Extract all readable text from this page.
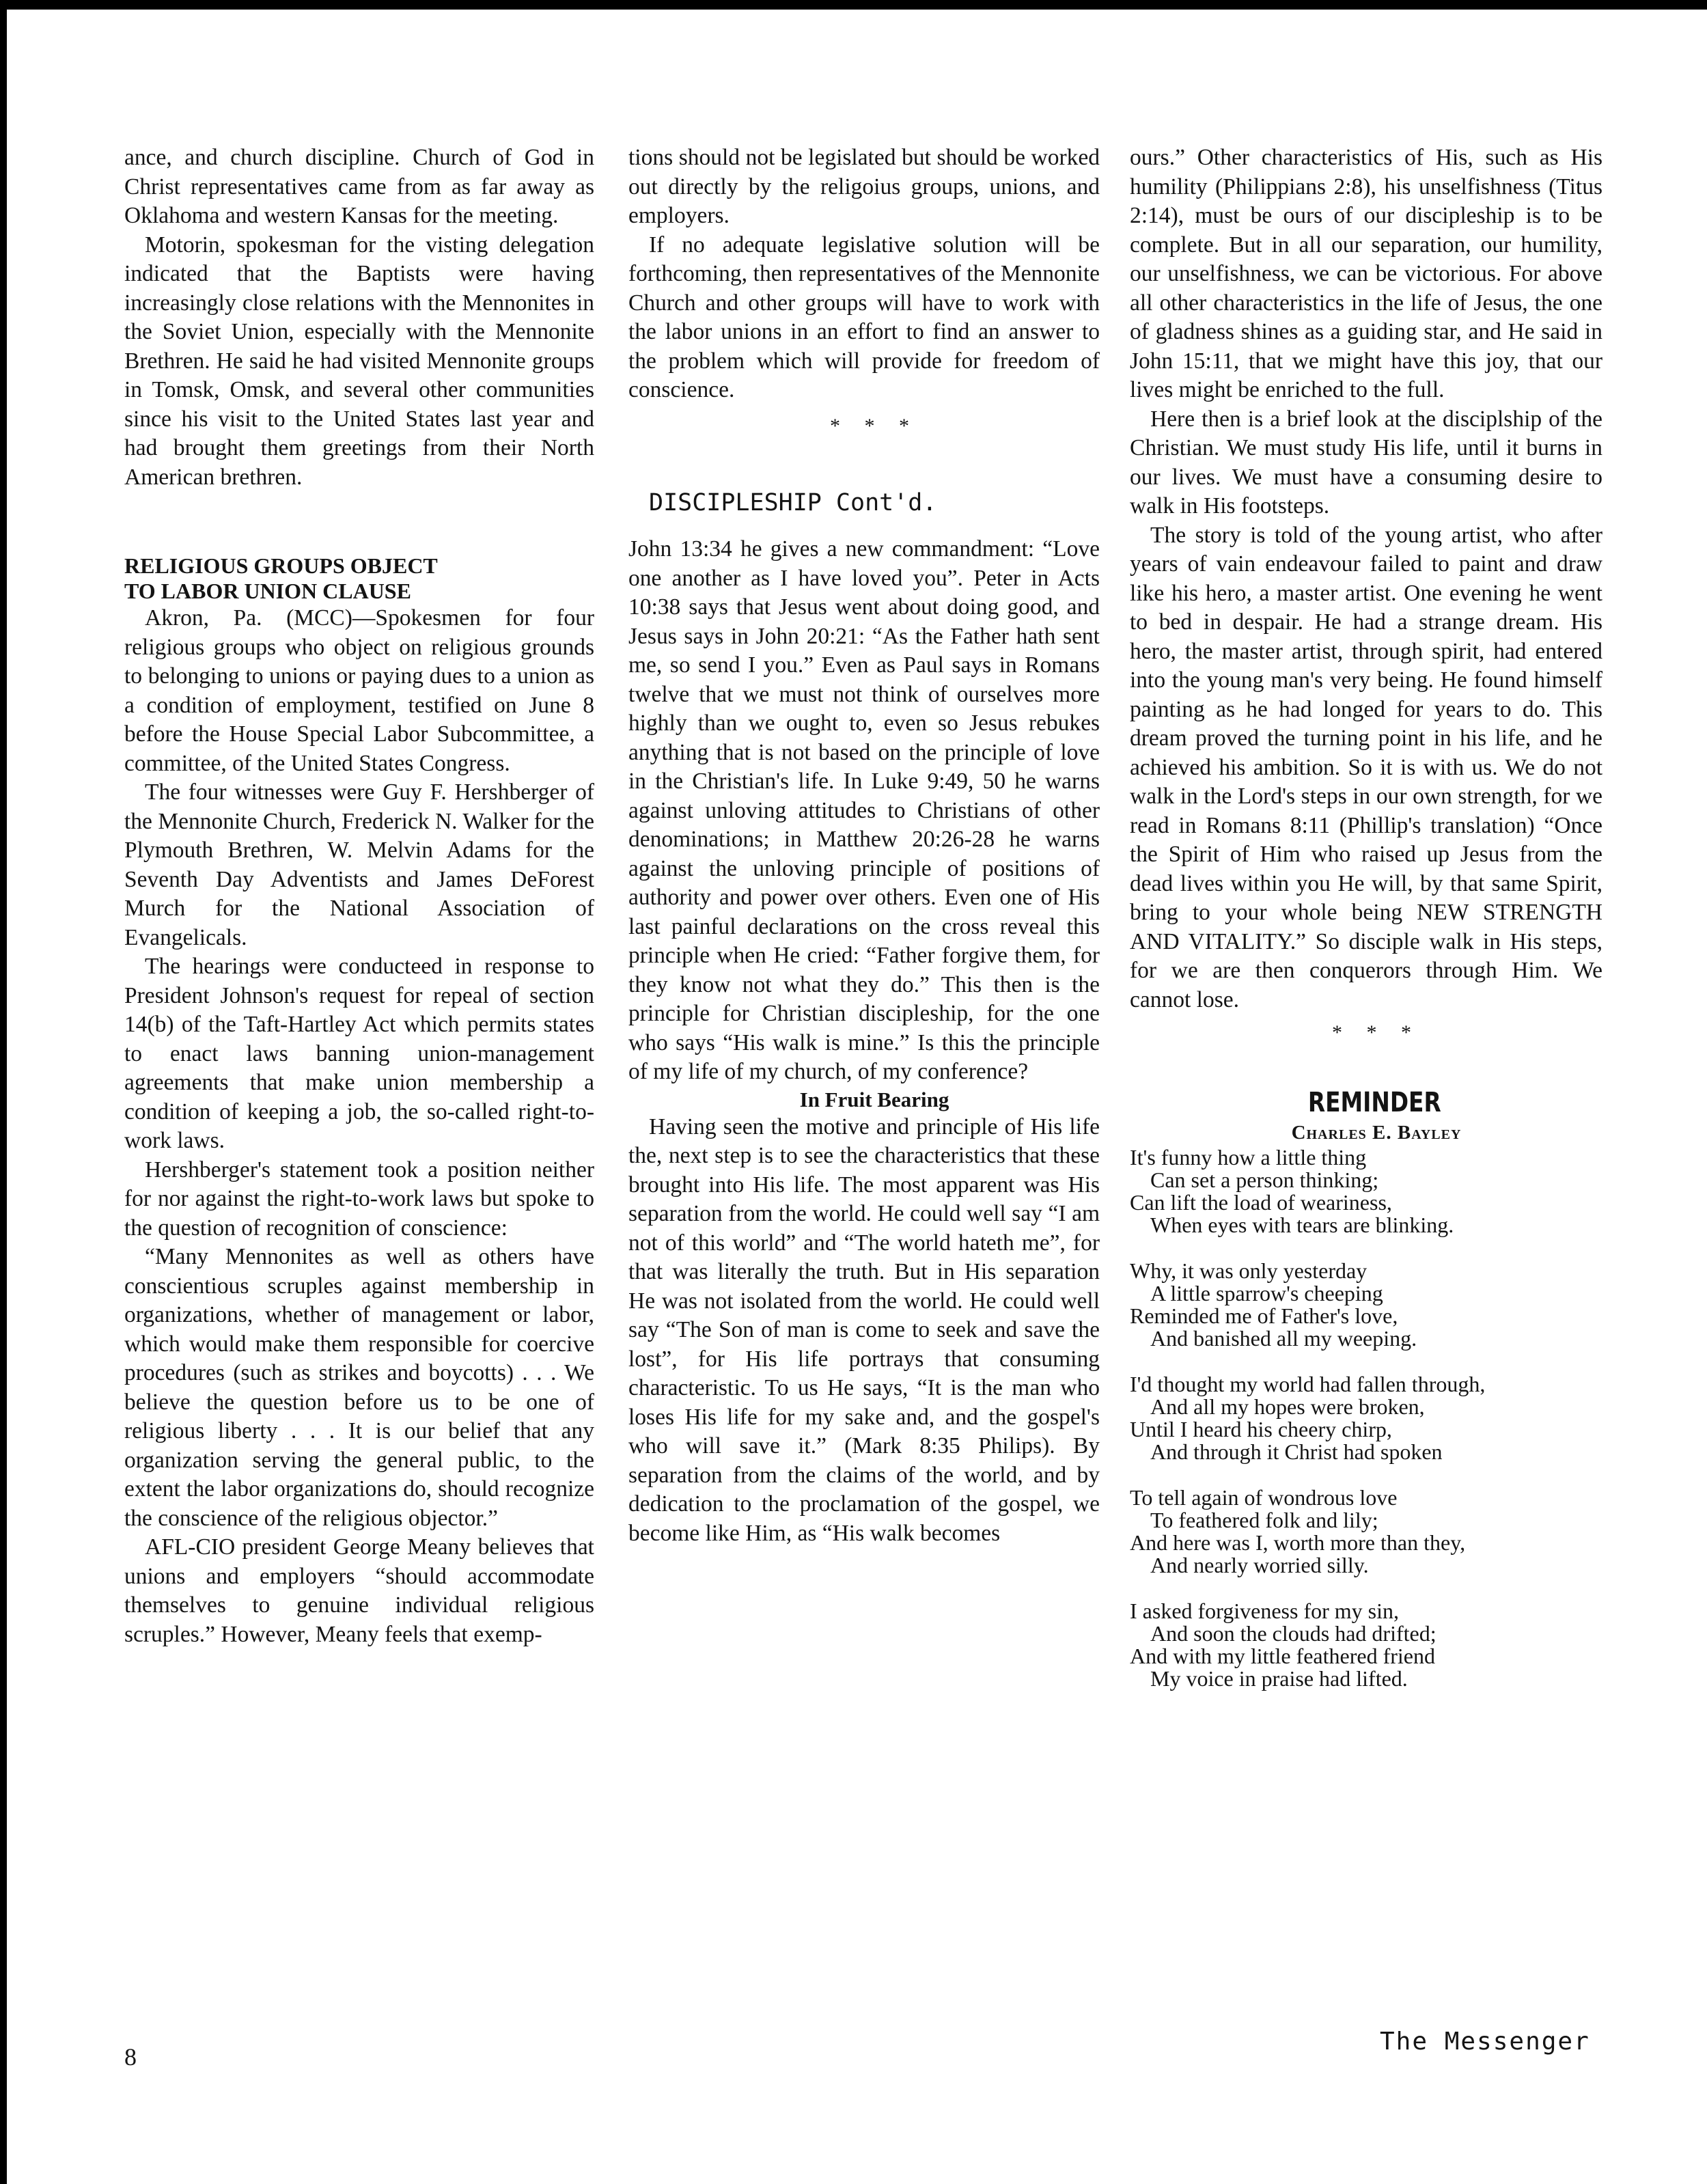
ance, and church discipline. Church of God in Christ representatives came from as far away as Oklahoma and western Kansas for the meeting.

Motorin, spokesman for the visting delegation indicated that the Baptists were having increasingly close relations with the Mennonites in the Soviet Union, especially with the Mennonite Brethren. He said he had visited Mennonite groups in Tomsk, Omsk, and several other communities since his visit to the United States last year and had brought them greetings from their North American brethren.

RELIGIOUS GROUPS OBJECT
TO LABOR UNION CLAUSE

Akron, Pa. (MCC)—Spokesmen for four religious groups who object on religious grounds to belonging to unions or paying dues to a union as a condition of employment, testified on June 8 before the House Special Labor Subcommittee, a committee, of the United States Congress.

The four witnesses were Guy F. Hershberger of the Mennonite Church, Frederick N. Walker for the Plymouth Brethren, W. Melvin Adams for the Seventh Day Adventists and James DeForest Murch for the National Association of Evangelicals.

The hearings were conducteed in response to President Johnson's request for repeal of section 14(b) of the Taft-Hartley Act which permits states to enact laws banning union-management agreements that make union membership a condition of keeping a job, the so-called right-to-work laws.

Hershberger's statement took a position neither for nor against the right-to-work laws but spoke to the question of recognition of conscience:

“Many Mennonites as well as others have conscientious scruples against membership in organizations, whether of management or labor, which would make them responsible for coercive procedures (such as strikes and boycotts) . . . We believe the question before us to be one of religious liberty . . . It is our belief that any organization serving the general public, to the extent the labor organizations do, should recognize the conscience of the religious objector.”

AFL-CIO president George Meany believes that unions and employers “should accommodate themselves to genuine individual religious scruples.” However, Meany feels that exemp-

tions should not be legislated but should be worked out directly by the religoius groups, unions, and employers.

If no adequate legislative solution will be forthcoming, then representatives of the Mennonite Church and other groups will have to work with the labor unions in an effort to find an answer to the problem which will provide for freedom of conscience.

* * *

DISCIPLESHIP Cont'd.

John 13:34 he gives a new commandment: “Love one another as I have loved you”. Peter in Acts 10:38 says that Jesus went about doing good, and Jesus says in John 20:21: “As the Father hath sent me, so send I you.” Even as Paul says in Romans twelve that we must not think of ourselves more highly than we ought to, even so Jesus rebukes anything that is not based on the principle of love in the Christian's life. In Luke 9:49, 50 he warns against unloving attitudes to Christians of other denominations; in Matthew 20:26-28 he warns against the unloving principle of positions of authority and power over others. Even one of His last painful declarations on the cross reveal this principle when He cried: “Father forgive them, for they know not what they do.” This then is the principle for Christian discipleship, for the one who says “His walk is mine.” Is this the principle of my life of my church, of my conference?

In Fruit Bearing

Having seen the motive and principle of His life the, next step is to see the characteristics that these brought into His life. The most apparent was His separation from the world. He could well say “I am not of this world” and “The world hateth me”, for that was literally the truth. But in His separation He was not isolated from the world. He could well say “The Son of man is come to seek and save the lost”, for His life portrays that consuming characteristic. To us He says, “It is the man who loses His life for my sake and, and the gospel's who will save it.” (Mark 8:35 Philips). By separation from the claims of the world, and by dedication to the proclamation of the gospel, we become like Him, as “His walk becomes

ours.” Other characteristics of His, such as His humility (Philippians 2:8), his unselfishness (Titus 2:14), must be ours of our discipleship is to be complete. But in all our separation, our humility, our unselfishness, we can be victorious. For above all other characteristics in the life of Jesus, the one of gladness shines as a guiding star, and He said in John 15:11, that we might have this joy, that our lives might be enriched to the full.

Here then is a brief look at the disciplship of the Christian. We must study His life, until it burns in our lives. We must have a consuming desire to walk in His footsteps.

The story is told of the young artist, who after years of vain endeavour failed to paint and draw like his hero, a master artist. One evening he went to bed in despair. He had a strange dream. His hero, the master artist, through spirit, had entered into the young man's very being. He found himself painting as he had longed for years to do. This dream proved the turning point in his life, and he achieved his ambition. So it is with us. We do not walk in the Lord's steps in our own strength, for we read in Romans 8:11 (Phillip's translation) “Once the Spirit of Him who raised up Jesus from the dead lives within you He will, by that same Spirit, bring to your whole being NEW STRENGTH AND VITALITY.” So disciple walk in His steps, for we are then conquerors through Him. We cannot lose.

* * *

REMINDER

Charles E. Bayley

It's funny how a little thing
Can set a person thinking;
Can lift the load of weariness,
When eyes with tears are blinking.
Why, it was only yesterday
A little sparrow's cheeping
Reminded me of Father's love,
And banished all my weeping.
I'd thought my world had fallen through,
And all my hopes were broken,
Until I heard his cheery chirp,
And through it Christ had spoken
To tell again of wondrous love
To feathered folk and lily;
And here was I, worth more than they,
And nearly worried silly.
I asked forgiveness for my sin,
And soon the clouds had drifted;
And with my little feathered friend
My voice in praise had lifted.
8
The Messenger
